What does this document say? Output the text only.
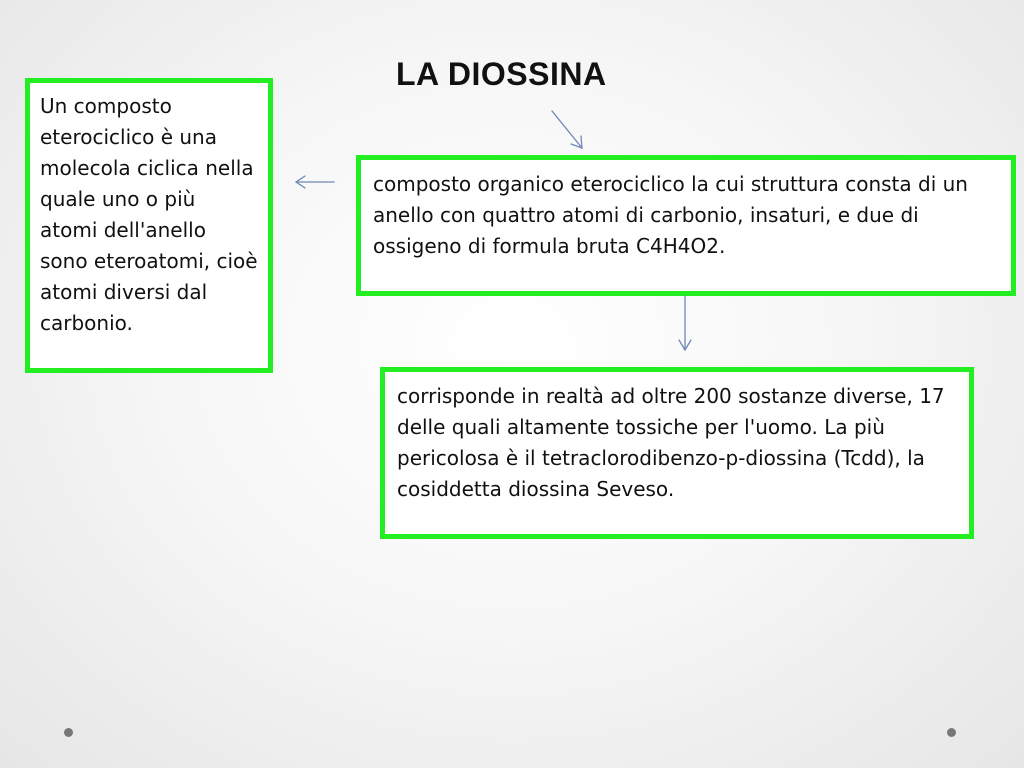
LA DIOSSINA
Un composto eterociclico è una molecola ciclica nella quale uno o più atomi dell'anello sono eteroatomi, cioè atomi diversi dal carbonio.
composto organico eterociclico la cui struttura consta di un anello con quattro atomi di carbonio, insaturi, e due di ossigeno di formula bruta C4H4O2.
corrisponde in realtà ad oltre 200 sostanze diverse, 17 delle quali altamente tossiche per l'uomo. La più pericolosa è il tetraclorodibenzo-p-diossina (Tcdd), la cosiddetta diossina Seveso.
